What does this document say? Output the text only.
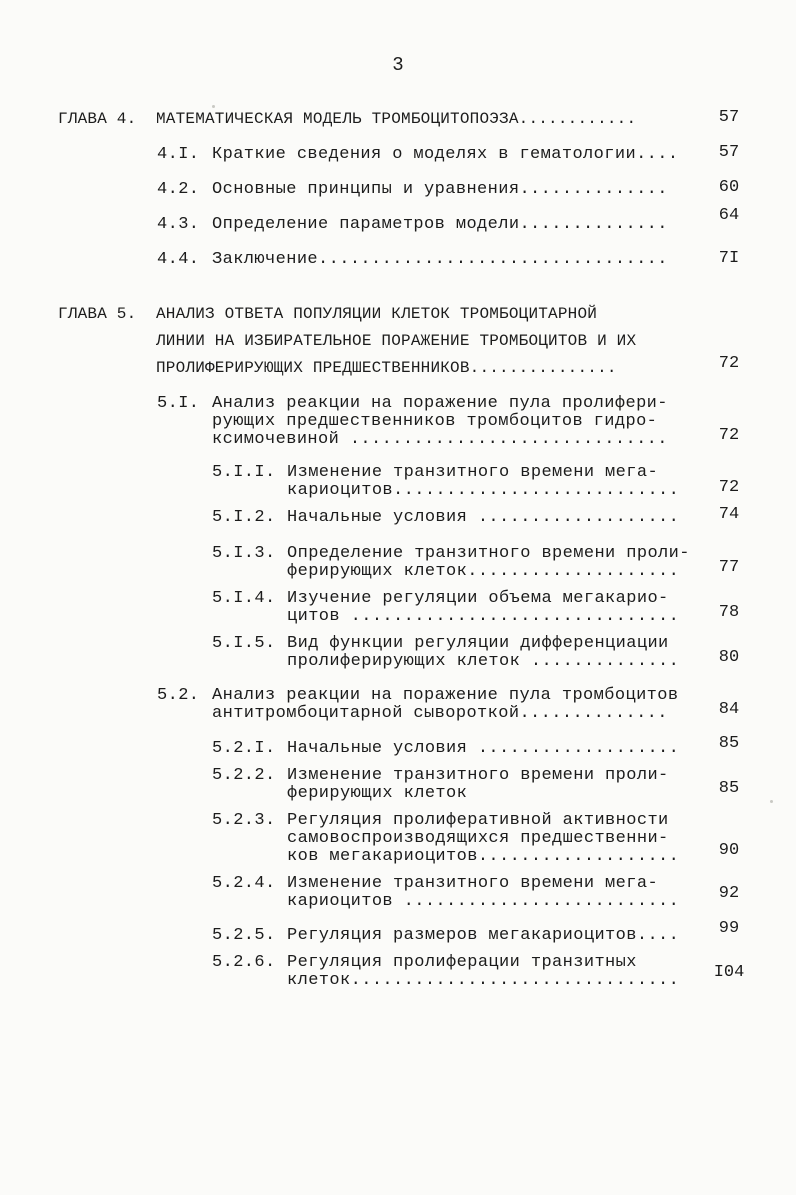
3
ГЛАВА 4. МАТЕМАТИЧЕСКАЯ МОДЕЛЬ ТРОМБОЦИТОПОЭЗА............	57
4.I. Краткие сведения о моделях в гематологии....	57
4.2. Основные принципы и уравнения..............	60
4.3. Определение параметров модели..............	64
4.4. Заключение.................................	7I
ГЛАВА 5. АНАЛИЗ ОТВЕТА ПОПУЛЯЦИИ КЛЕТОК ТРОМБОЦИТАРНОЙ
ЛИНИИ НА ИЗБИРАТЕЛЬНОЕ ПОРАЖЕНИЕ ТРОМБОЦИТОВ И ИХ
ПРОЛИФЕРИРУЮЩИХ ПРЕДШЕСТВЕННИКОВ...............	72
5.I. Анализ реакции на поражение пула пролифери-
рующих предшественников тромбоцитов гидро-
ксимочевиной ..............................	72
5.I.I. Изменение транзитного времени мега-
кариоцитов...........................	72
5.I.2. Начальные условия ...................	74
5.I.3. Определение транзитного времени проли-
ферирующих клеток....................	77
5.I.4. Изучение регуляции объема мегакарио-
цитов ...............................	78
5.I.5. Вид функции регуляции дифференциации
пролиферирующих клеток ..............	80
5.2. Анализ реакции на поражение пула тромбоцитов
антитромбоцитарной сывороткой..............	84
5.2.I. Начальные условия ...................	85
5.2.2. Изменение транзитного времени проли-
ферирующих клеток	85
5.2.3. Регуляция пролиферативной активности
самовоспроизводящихся предшественни-
ков мегакариоцитов...................	90
5.2.4. Изменение транзитного времени мега-
кариоцитов ..........................	92
5.2.5. Регуляция размеров мегакариоцитов....	99
5.2.6. Регуляция пролиферации транзитных
клеток...............................	I04
